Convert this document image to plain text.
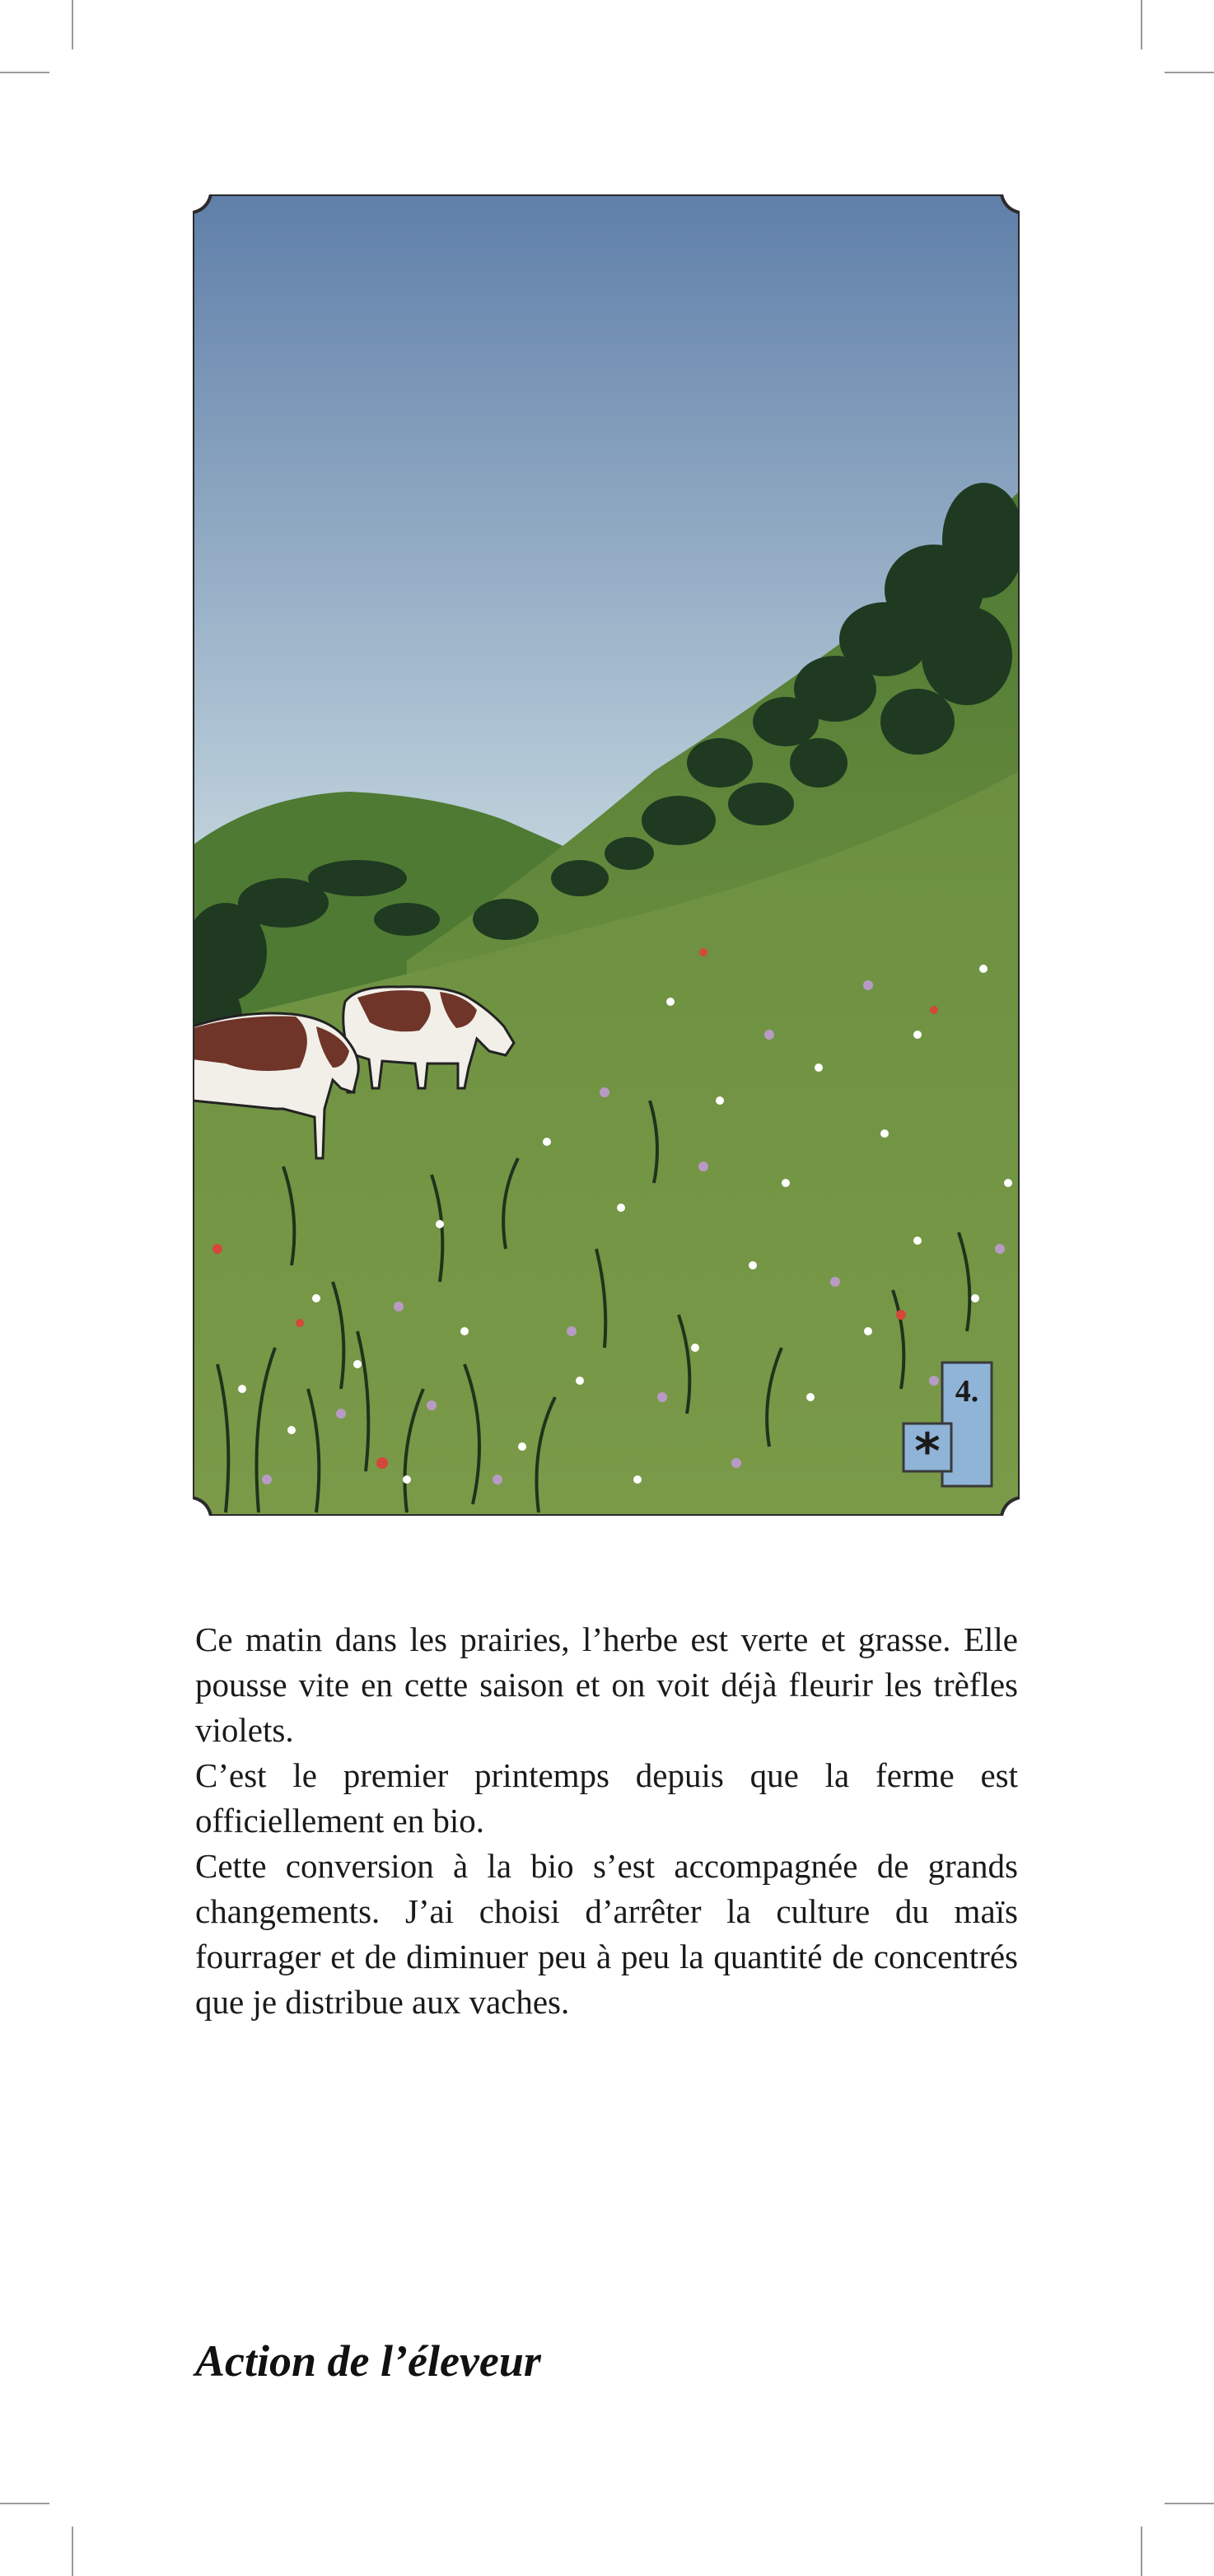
4.
*

Ce matin dans les prairies, l’herbe est verte et grasse. Elle pousse vite en cette saison et on voit déjà fleurir les trèfles violets.

C’est le premier printemps depuis que la ferme est officiellement en bio.

Cette conversion à la bio s’est accompagnée de grands changements. J’ai choisi d’arrêter la culture du maïs fourrager et de diminuer peu à peu la quantité de concentrés que je distribue aux vaches.

Action de l’éleveur
